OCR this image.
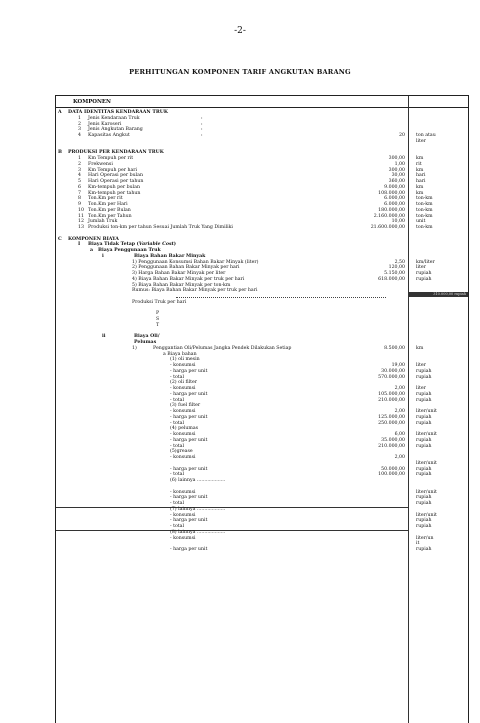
-2-
PERHITUNGAN KOMPONEN TARIF ANGKUTAN BARANG
KOMPONEN
A DATA IDENTITAS KENDARAAN TRUK
1 Jenis Kendaraan Truk	:
2 Jenis Karoseri	:
3 Jenis Angkutan Barang	:
4 Kapasitas Angkut	:	20 ton atau
liter
B PRODUKSI PER KENDARAAN TRUK
1 Km Tempuh per rit	300,00 km
2 Frekwensi	1,00 rit
3 Km Tempuh per hari	300,00 km
4 Hari Operasi per bulan	30,00 hari
5 Hari Operasi per tahun	360,00 hari
6 Km-tempuh per bulan	9.000,00 km
7 Km-tempuh per tahun	108.000,00 km
8 Ton.Km per rit	6.000,00 ton-km
9 Ton.Km per Hari	6.000,00 ton-km
10 Ton.Km per Bulan	180.000,00 ton-km
11 Ton.Km per Tahun	2.160.000,00 ton-km
12 Jumlah Truk	10,00 unit
13 Produksi ton-km per tahun Sesuai Jumlah Truk Yang Dimiliki	21.600.000,00 ton-km
C KOMPONEN BIAYA
I Biaya Tidak Tetap (Variable Cost)
a Biaya Penggunaan Truk
i	Biaya Bahan Bakar Minyak
1) Penggunaan Konsumsi Bahan Bakar Minyak (liter)	2,50 km/liter
2) Penggunaan Bahan Bakar Minyak per hari	120,00 liter
3) Harga Bahan Bakar Minyak per liter	5.150,00 rupiah
4) Biaya Bahan Bakar Minyak per truk per hari	618.000,00 rupiah
5) Biaya Bahan Bakar Minyak per ton-km
Rumus: Biaya Bahan Bakar Minyak per truk per hari
310.000,00 rupiah
Produksi Truk per hari
P
S
T
ii	Biaya Oli/
Pelumas
1)	Penggantian Oli/Pelumas Jangka Pendek Dilakukan Setiap	8.500,00 km
a Biaya bahan
(1) oli mesin
- konsumsi	19,00 liter
- harga per unit	30.000,00 rupiah
- total	570.000,00 rupiah
(2) oli filter
- konsumsi	2,00 liter
- harga per unit	105.000,00 rupiah
- total	210.000,00 rupiah
(3) fuel filter
- konsumsi	2,00 liter/unit
- harga per unit	125.000,00 rupiah
- total	250.000,00 rupiah
(4) pelumas
- konsumsi	6,00 liter/unit
- harga per unit	35.000,00 rupiah
- total	210.000,00 rupiah
(5)grease
- konsumsi	2,00
liter/unit
- harga per unit	50.000,00 rupiah
- total	100.000,00 rupiah
(6) lainnya ...................
- konsumsi	liter/unit
- harga per unit	rupiah
- total	rupiah
(7) lainnya ...................
- konsumsi	liter/unit
- harga per unit	rupiah
- total	rupiah
(8) lainnya ...................
- konsumsi	liter/un
it
- harga per unit	rupiah
